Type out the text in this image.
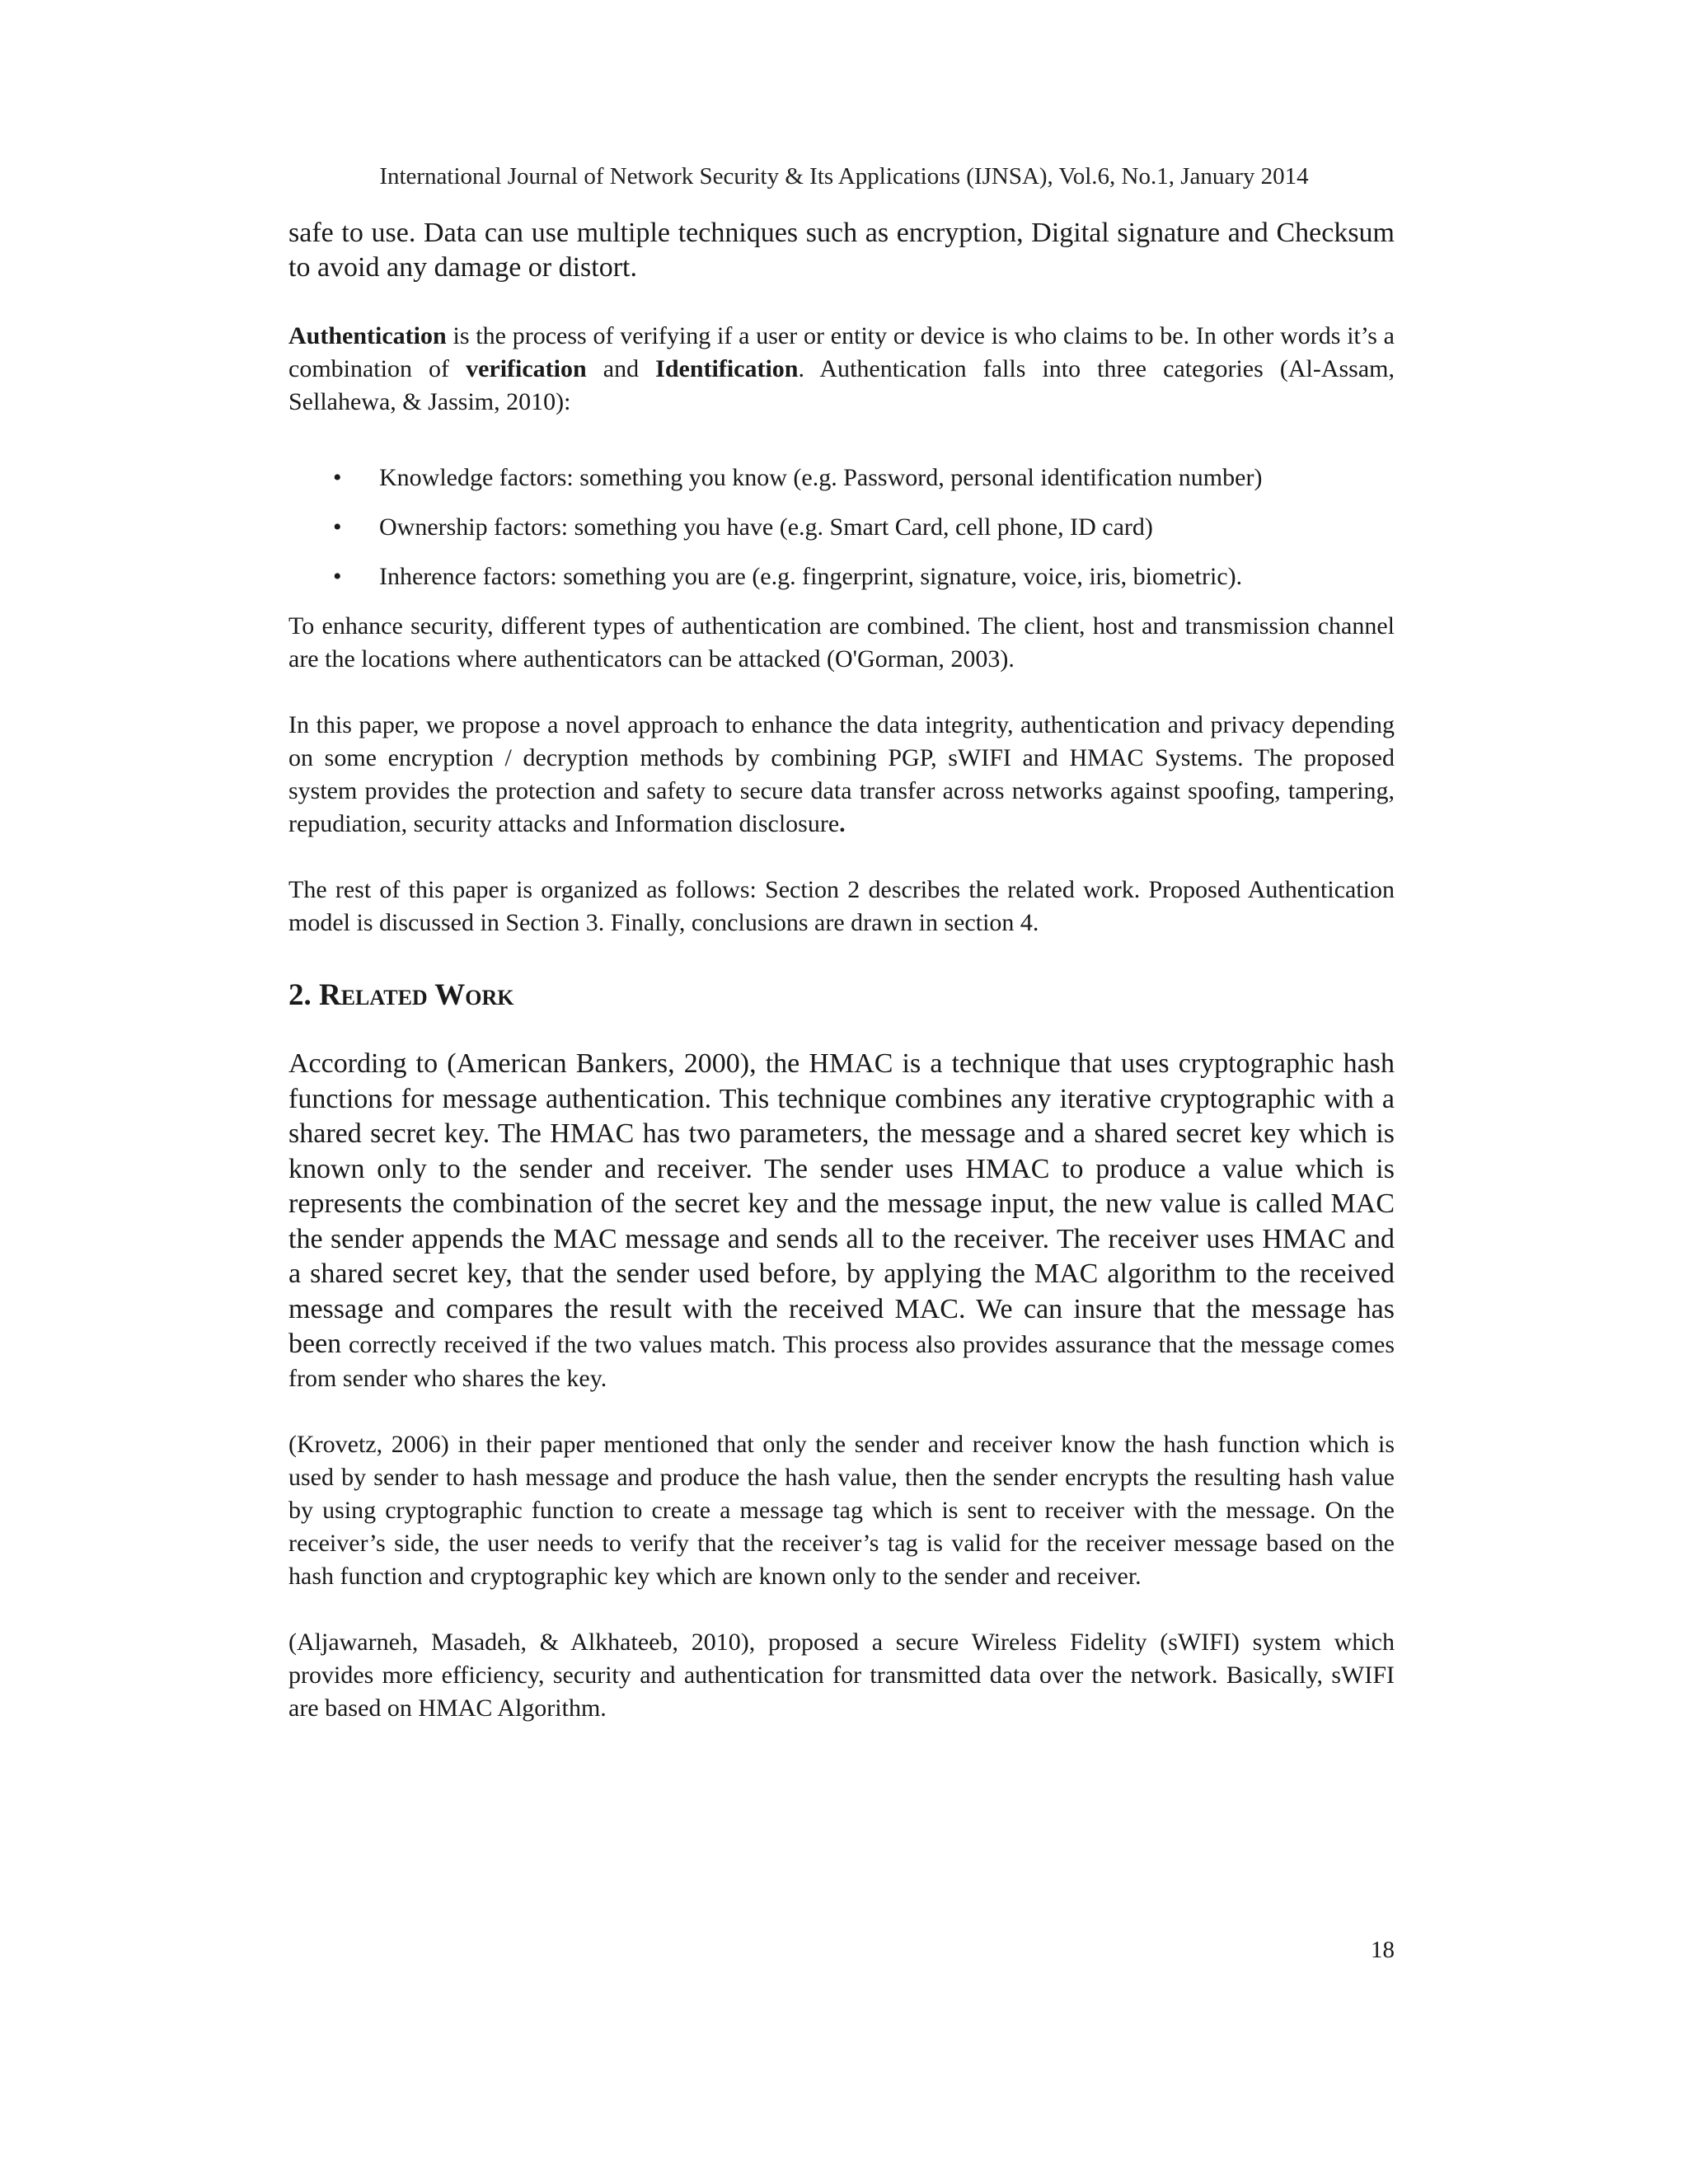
International Journal of Network Security & Its Applications (IJNSA), Vol.6, No.1, January 2014

safe to use. Data can use multiple techniques such as encryption, Digital signature and Checksum to avoid any damage or distort.

Authentication is the process of verifying if a user or entity or device is who claims to be. In other words it’s a combination of verification and Identification. Authentication falls into three categories (Al-Assam, Sellahewa, & Jassim, 2010):

• Knowledge factors: something you know (e.g. Password, personal identification number)
• Ownership factors: something you have (e.g. Smart Card, cell phone, ID card)
• Inherence factors: something you are (e.g. fingerprint, signature, voice, iris, biometric).

To enhance security, different types of authentication are combined. The client, host and transmission channel are the locations where authenticators can be attacked (O'Gorman, 2003).

In this paper, we propose a novel approach to enhance the data integrity, authentication and privacy depending on some encryption / decryption methods by combining PGP, sWIFI and HMAC Systems. The proposed system provides the protection and safety to secure data transfer across networks against spoofing, tampering, repudiation, security attacks and Information disclosure.

The rest of this paper is organized as follows: Section 2 describes the related work. Proposed Authentication model is discussed in Section 3. Finally, conclusions are drawn in section 4.

2. Related Work

According to (American Bankers, 2000), the HMAC is a technique that uses cryptographic hash functions for message authentication. This technique combines any iterative cryptographic with a shared secret key. The HMAC has two parameters, the message and a shared secret key which is known only to the sender and receiver. The sender uses HMAC to produce a value which is represents the combination of the secret key and the message input, the new value is called MAC the sender appends the MAC message and sends all to the receiver. The receiver uses HMAC and a shared secret key, that the sender used before, by applying the MAC algorithm to the received message and compares the result with the received MAC. We can insure that the message has been correctly received if the two values match. This process also provides assurance that the message comes from sender who shares the key.

(Krovetz, 2006) in their paper mentioned that only the sender and receiver know the hash function which is used by sender to hash message and produce the hash value, then the sender encrypts the resulting hash value by using cryptographic function to create a message tag which is sent to receiver with the message. On the receiver’s side, the user needs to verify that the receiver’s tag is valid for the receiver message based on the hash function and cryptographic key which are known only to the sender and receiver.

(Aljawarneh, Masadeh, & Alkhateeb, 2010), proposed a secure Wireless Fidelity (sWIFI) system which provides more efficiency, security and authentication for transmitted data over the network. Basically, sWIFI are based on HMAC Algorithm.

18
